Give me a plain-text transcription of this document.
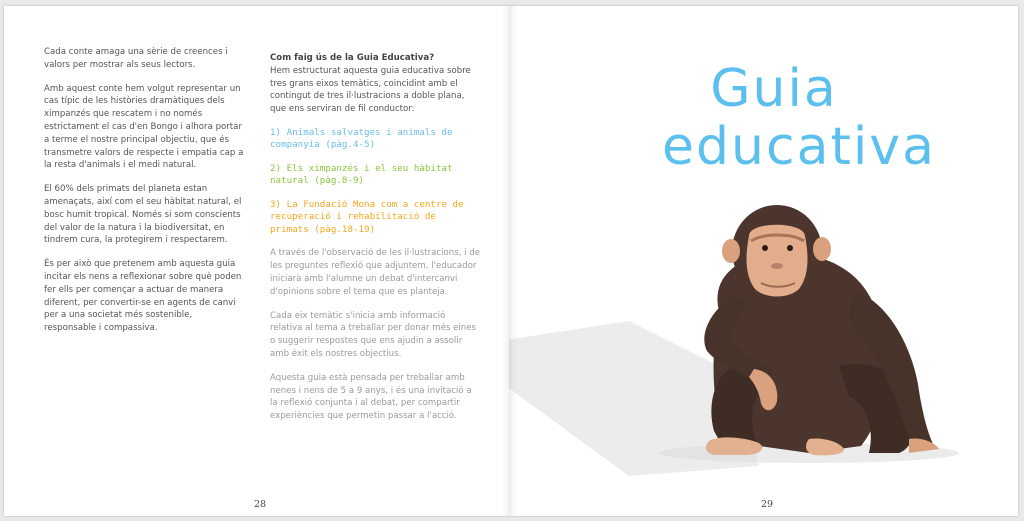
Cada conte amaga una sèrie de creences i valors per mostrar als seus lectors.

Amb aquest conte hem volgut representar un cas típic de les històries dramàtiques dels ximpanzés que rescatem i no només estrictament el cas d'en Bongo i alhora portar a terme el nostre principal objectiu, que és transmetre valors de respecte i empatia cap a la resta d'animals i el medi natural.

El 60% dels primats del planeta estan amenaçats, així com el seu hàbitat natural, el bosc humit tropical. Només si som conscients del valor de la natura i la biodiversitat, en tindrem cura, la protegirem i respectarem.

És per això que pretenem amb aquesta guia incitar els nens a reflexionar sobre què poden fer ells per començar a actuar de manera diferent, per convertir-se en agents de canvi per a una societat més sostenible, responsable i compassiva.

Com faig ús de la Guia Educativa?

Hem estructurat aquesta guia educativa sobre tres grans eixos temàtics, coincidint amb el contingut de tres il·lustracions a doble plana, que ens serviran de fil conductor:

1) Animals salvatges i animals de companyia (pàg.4-5)

2) Els ximpanzés i el seu hàbitat natural (pàg.8-9)

3) La Fundació Mona com a centre de recuperació i rehabilitació de primats (pàg.18-19)

A través de l'observació de les il·lustracions, i de les preguntes reflexió que adjuntem, l'educador iniciarà amb l'alumne un debat d'intercanvi d'opinions sobre el tema que es planteja.

Cada eix temàtic s'inicia amb informació relativa al tema a treballar per donar més eines o suggerir respostes que ens ajudin a assolir amb èxit els nostres objectius.

Aquesta guia està pensada per treballar amb nenes i nens de 5 a 9 anys, i és una invitació a la reflexió conjunta i al debat, per compartir experiències que permetin passar a l'acció.

28
Guia
educativa
29
